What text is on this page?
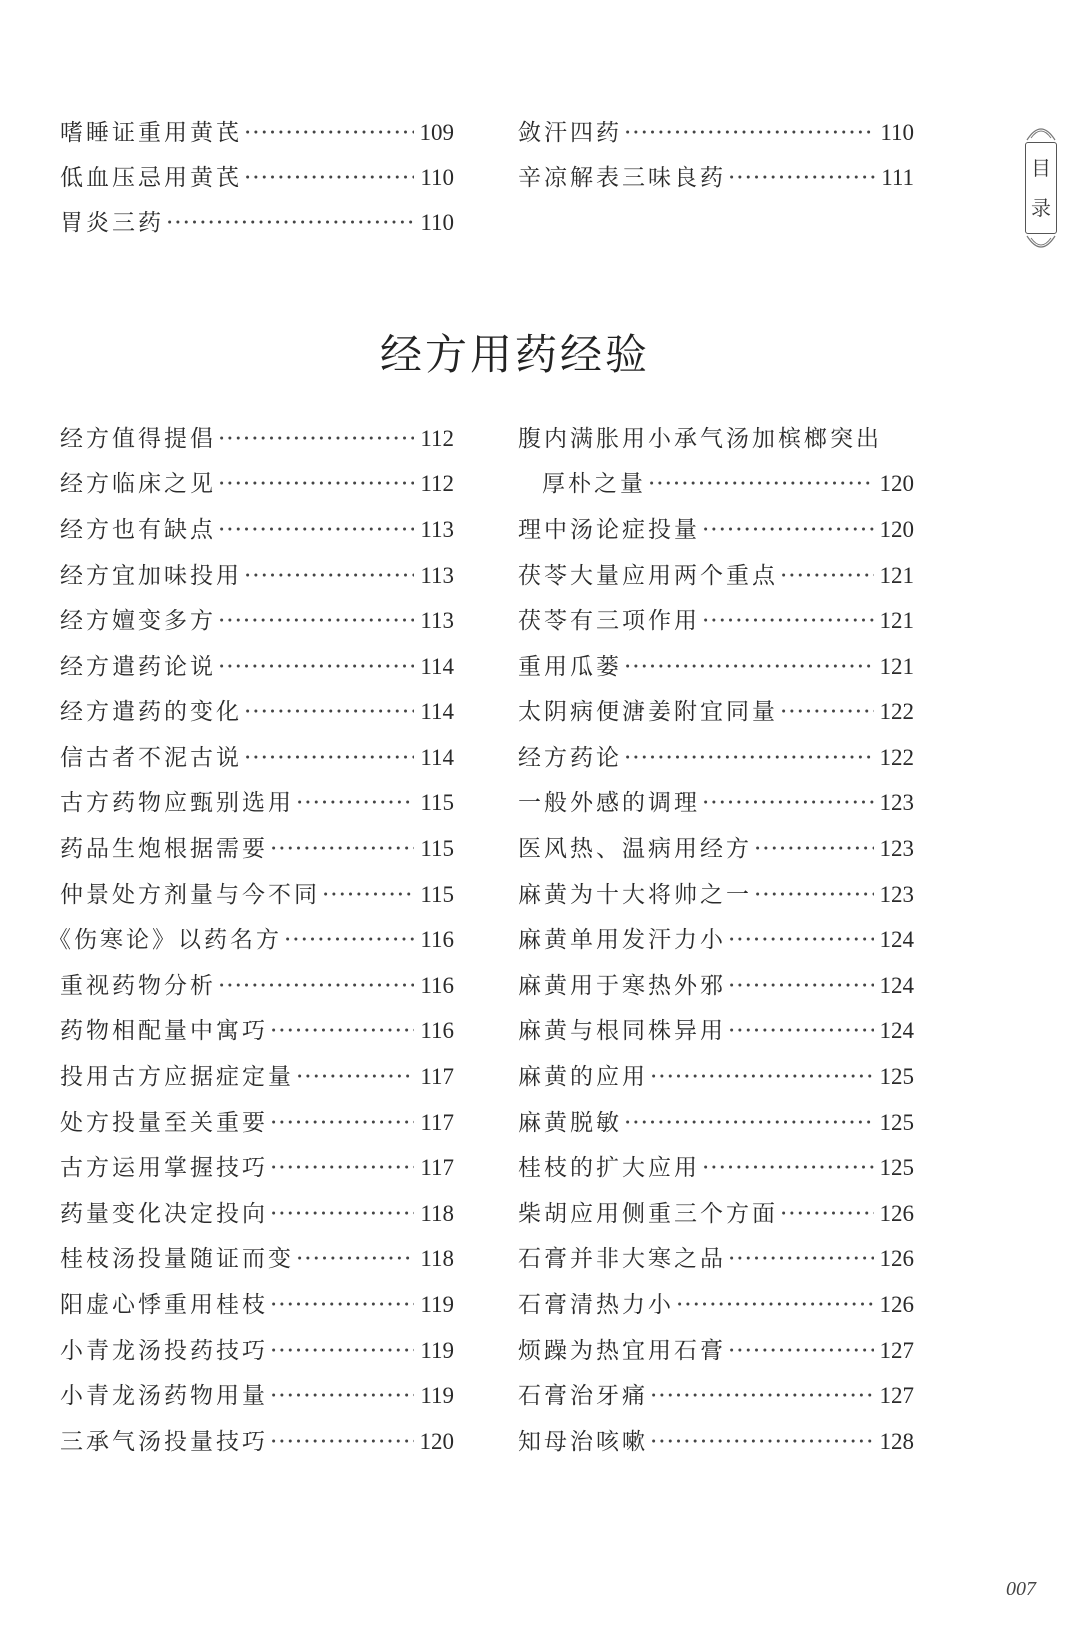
目
录
嗜睡证重用黄芪 ·····	109
低血压忌用黄芪 ·····	110
胃炎三药 ·····	110
敛汗四药 ·····	110
辛凉解表三味良药 ·····	111
经方用药经验
经方值得提倡 ·····	112
经方临床之见 ·····	112
经方也有缺点 ·····	113
经方宜加味投用 ·····	113
经方嬗变多方 ·····	113
经方遣药论说 ·····	114
经方遣药的变化 ·····	114
信古者不泥古说 ·····	114
古方药物应甄别选用 ·····	115
药品生炮根据需要 ·····	115
仲景处方剂量与今不同 ·····	115
《伤寒论》以药名方 ·····	116
重视药物分析 ·····	116
药物相配量中寓巧 ·····	116
投用古方应据症定量 ·····	117
处方投量至关重要 ·····	117
古方运用掌握技巧 ·····	117
药量变化决定投向 ·····	118
桂枝汤投量随证而变 ·····	118
阳虚心悸重用桂枝 ·····	119
小青龙汤投药技巧 ·····	119
小青龙汤药物用量 ·····	119
三承气汤投量技巧 ·····	120
腹内满胀用小承气汤加槟榔突出
厚朴之量 ·····	120
理中汤论症投量 ·····	120
茯苓大量应用两个重点 ·····	121
茯苓有三项作用 ·····	121
重用瓜蒌 ·····	121
太阴病便溏姜附宜同量 ·····	122
经方药论 ·····	122
一般外感的调理 ·····	123
医风热、温病用经方 ·····	123
麻黄为十大将帅之一 ·····	123
麻黄单用发汗力小 ·····	124
麻黄用于寒热外邪 ·····	124
麻黄与根同株异用 ·····	124
麻黄的应用 ·····	125
麻黄脱敏 ·····	125
桂枝的扩大应用 ·····	125
柴胡应用侧重三个方面 ·····	126
石膏并非大寒之品 ·····	126
石膏清热力小 ·····	126
烦躁为热宜用石膏 ·····	127
石膏治牙痛 ·····	127
知母治咳嗽 ·····	128
007
